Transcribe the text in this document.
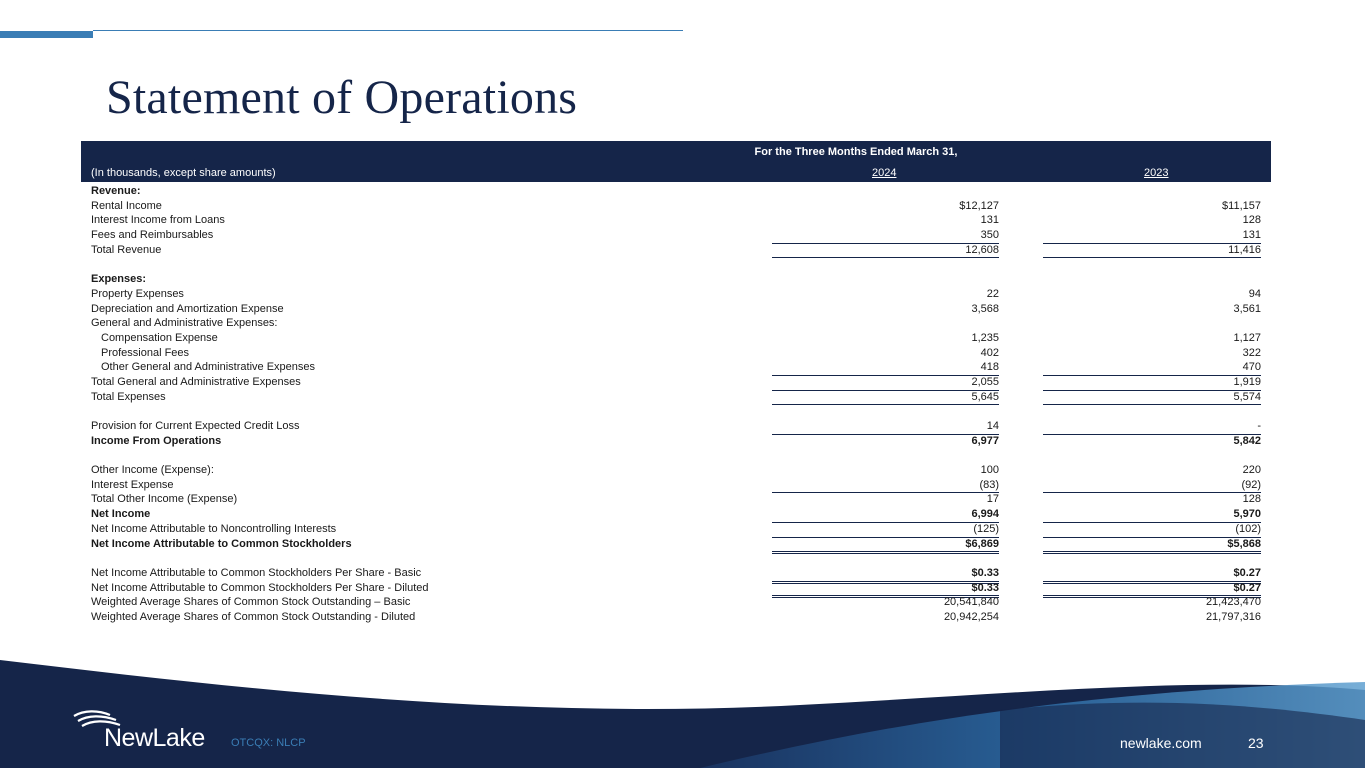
Statement of Operations
For the Three Months Ended March 31,
(In thousands, except share amounts)	2024	2023
Revenue:
Rental Income	$12,127	$11,157
Interest Income from Loans	131	128
Fees and Reimbursables	350	131
Total Revenue	12,608	11,416
Expenses:
Property Expenses	22	94
Depreciation and Amortization Expense	3,568	3,561
General and Administrative Expenses:
Compensation Expense	1,235	1,127
Professional Fees	402	322
Other General and Administrative Expenses	418	470
Total General and Administrative Expenses	2,055	1,919
Total Expenses	5,645	5,574
Provision for Current Expected Credit Loss	14	-
Income From Operations	6,977	5,842
Other Income (Expense):	100	220
Interest Expense	(83)	(92)
Total Other Income (Expense)	17	128
Net Income	6,994	5,970
Net Income Attributable to Noncontrolling Interests	(125)	(102)
Net Income Attributable to Common Stockholders	$6,869	$5,868
Net Income Attributable to Common Stockholders Per Share - Basic	$0.33	$0.27
Net Income Attributable to Common Stockholders Per Share - Diluted	$0.33	$0.27
Weighted Average Shares of Common Stock Outstanding – Basic	20,541,840	21,423,470
Weighted Average Shares of Common Stock Outstanding - Diluted	20,942,254	21,797,316
NewLake OTCQX: NLCP	newlake.com	23
